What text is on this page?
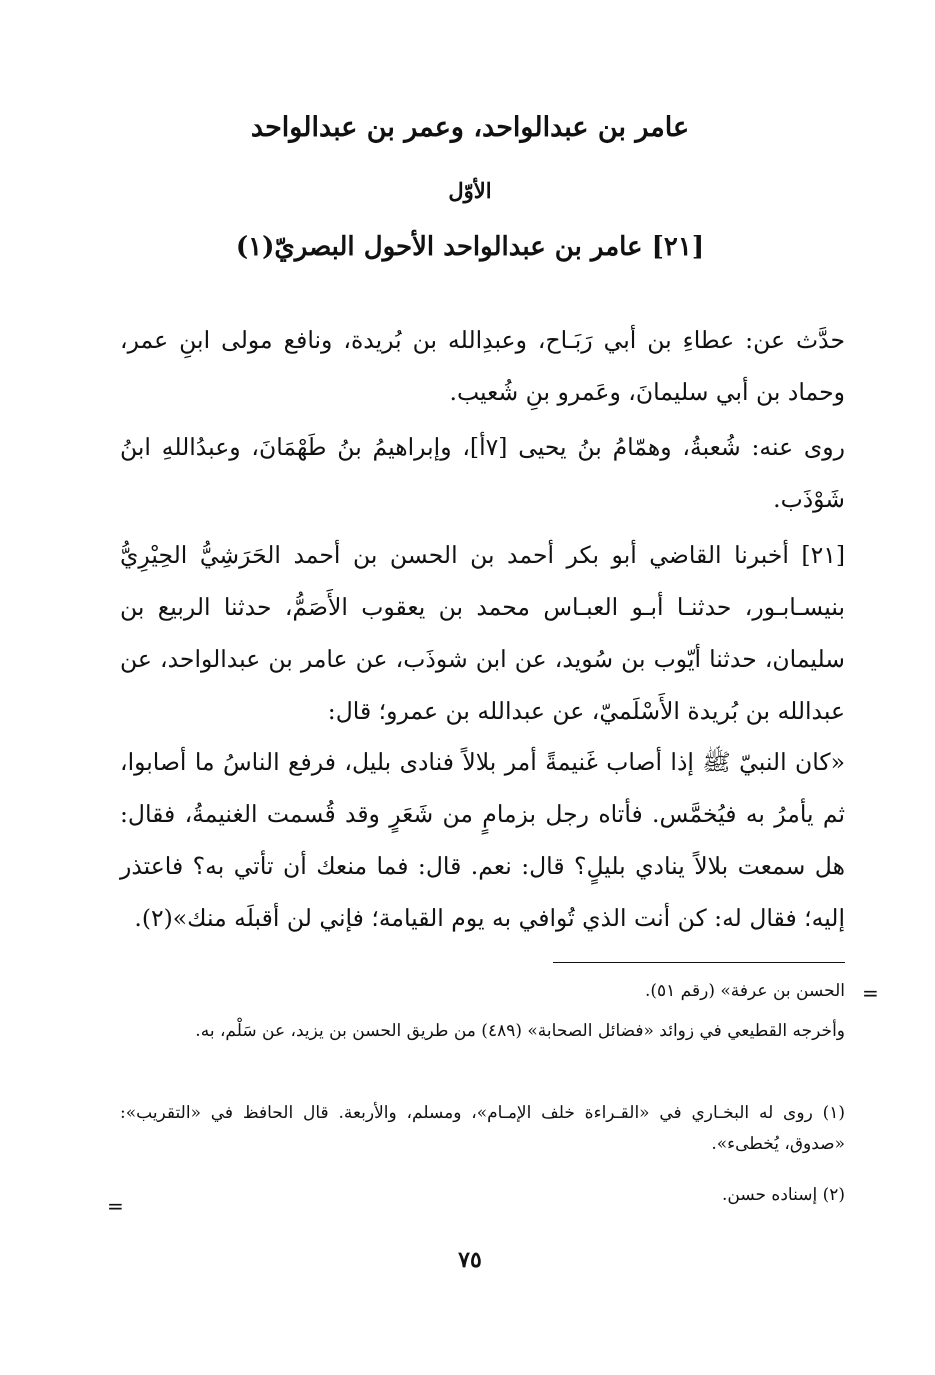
عامر بن عبدالواحد، وعمر بن عبدالواحد
الأوّل
[٢١] عامر بن عبدالواحد الأحول البصريّ(١)

حدَّث عن: عطاءِ بن أبي رَبَـاح، وعبدِالله بن بُريدة، ونافع مولى ابنِ عمر، وحماد بن أبي سليمانَ، وعَمرو بنِ شُعيب.

روى عنه: شُعبةُ، وهمّامُ بنُ يحيى [٧أ]، وإبراهيمُ بنُ طَهْمَانَ، وعبدُاللهِ ابنُ شَوْذَب.

[٢١] أخبرنا القاضي أبو بكر أحمد بن الحسن بن أحمد الحَرَشِيُّ الحِيْرِيُّ بنيسـابـور، حدثنـا أبـو العبـاس محمد بن يعقوب الأَصَمُّ، حدثنا الربيع بن سليمان، حدثنا أيّوب بن سُويد، عن ابن شوذَب، عن عامر بن عبدالواحد، عن عبدالله بن بُريدة الأَسْلَميّ، عن عبدالله بن عمرو؛ قال:

«كان النبيّ ﷺ إذا أصاب غَنيمةً أمر بلالاً فنادى بليل، فرفع الناسُ ما أصابوا، ثم يأمرُ به فيُخمَّس. فأتاه رجل بزمامٍ من شَعَرٍ وقد قُسمت الغنيمةُ، فقال: هل سمعت بلالاً ينادي بليلٍ؟ قال: نعم. قال: فما منعك أن تأتي به؟ فاعتذر إليه؛ فقال له: كن أنت الذي تُوافي به يوم القيامة؛ فإني لن أقبلَه منك»(٢).

=
الحسن بن عرفة» (رقم ٥١).
وأخرجه القطيعي في زوائد «فضائل الصحابة» (٤٨٩) من طريق الحسن بن يزيد، عن سَلْم، به.
(١) روى له البخـاري في «القـراءة خلف الإمـام»، ومسلم، والأربعة. قال الحافظ في «التقريب»: «صدوق، يُخطىء».
(٢) إسناده حسن.
=
٧٥
